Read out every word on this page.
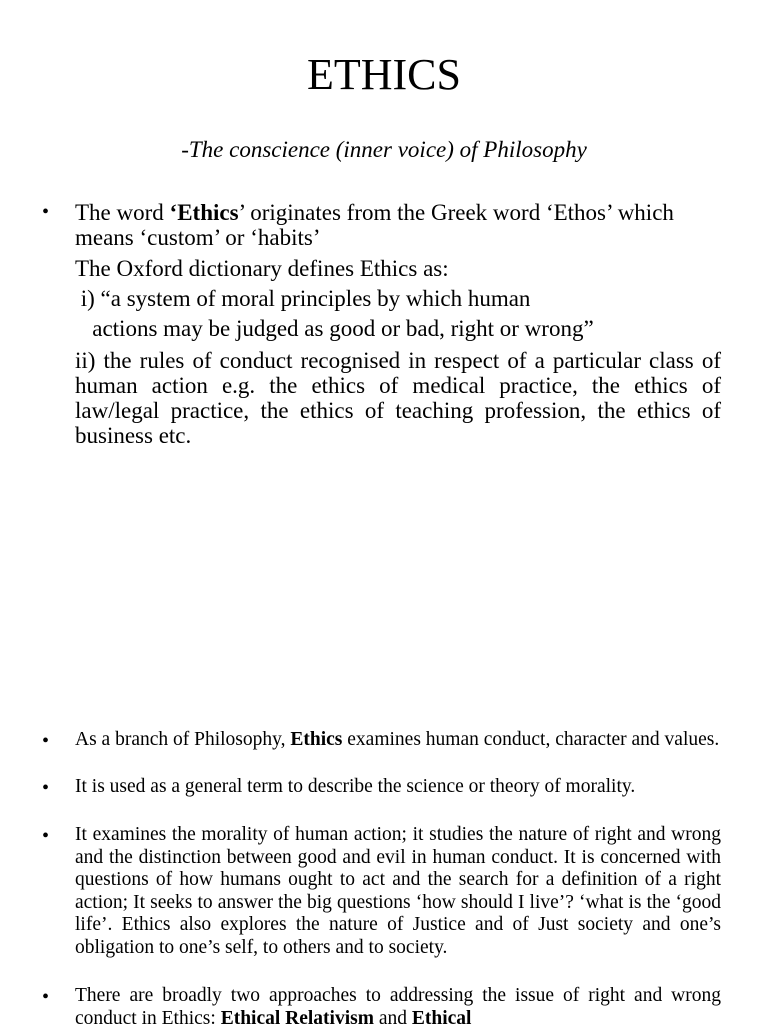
ETHICS
-The conscience (inner voice) of Philosophy
• The word ‘Ethics’ originates from the Greek word ‘Ethos’ which means ‘custom’ or ‘habits’

The Oxford dictionary defines Ethics as:

i) “a system of moral principles by which human

actions may be judged as good or bad, right or wrong”

ii) the rules of conduct recognised in respect of a particular class of human action e.g. the ethics of medical practice, the ethics of law/legal practice, the ethics of teaching profession, the ethics of business etc.

• As a branch of Philosophy, Ethics examines human conduct, character and values.

• It is used as a general term to describe the science or theory of morality.

• It examines the morality of human action; it studies the nature of right and wrong and the distinction between good and evil in human conduct. It is concerned with questions of how humans ought to act and the search for a definition of a right action; It seeks to answer the big questions ‘how should I live’? ‘what is the ‘good life’. Ethics also explores the nature of Justice and of Just society and one’s obligation to one’s self, to others and to society.

• There are broadly two approaches to addressing the issue of right and wrong conduct in Ethics: Ethical Relativism and Ethical
